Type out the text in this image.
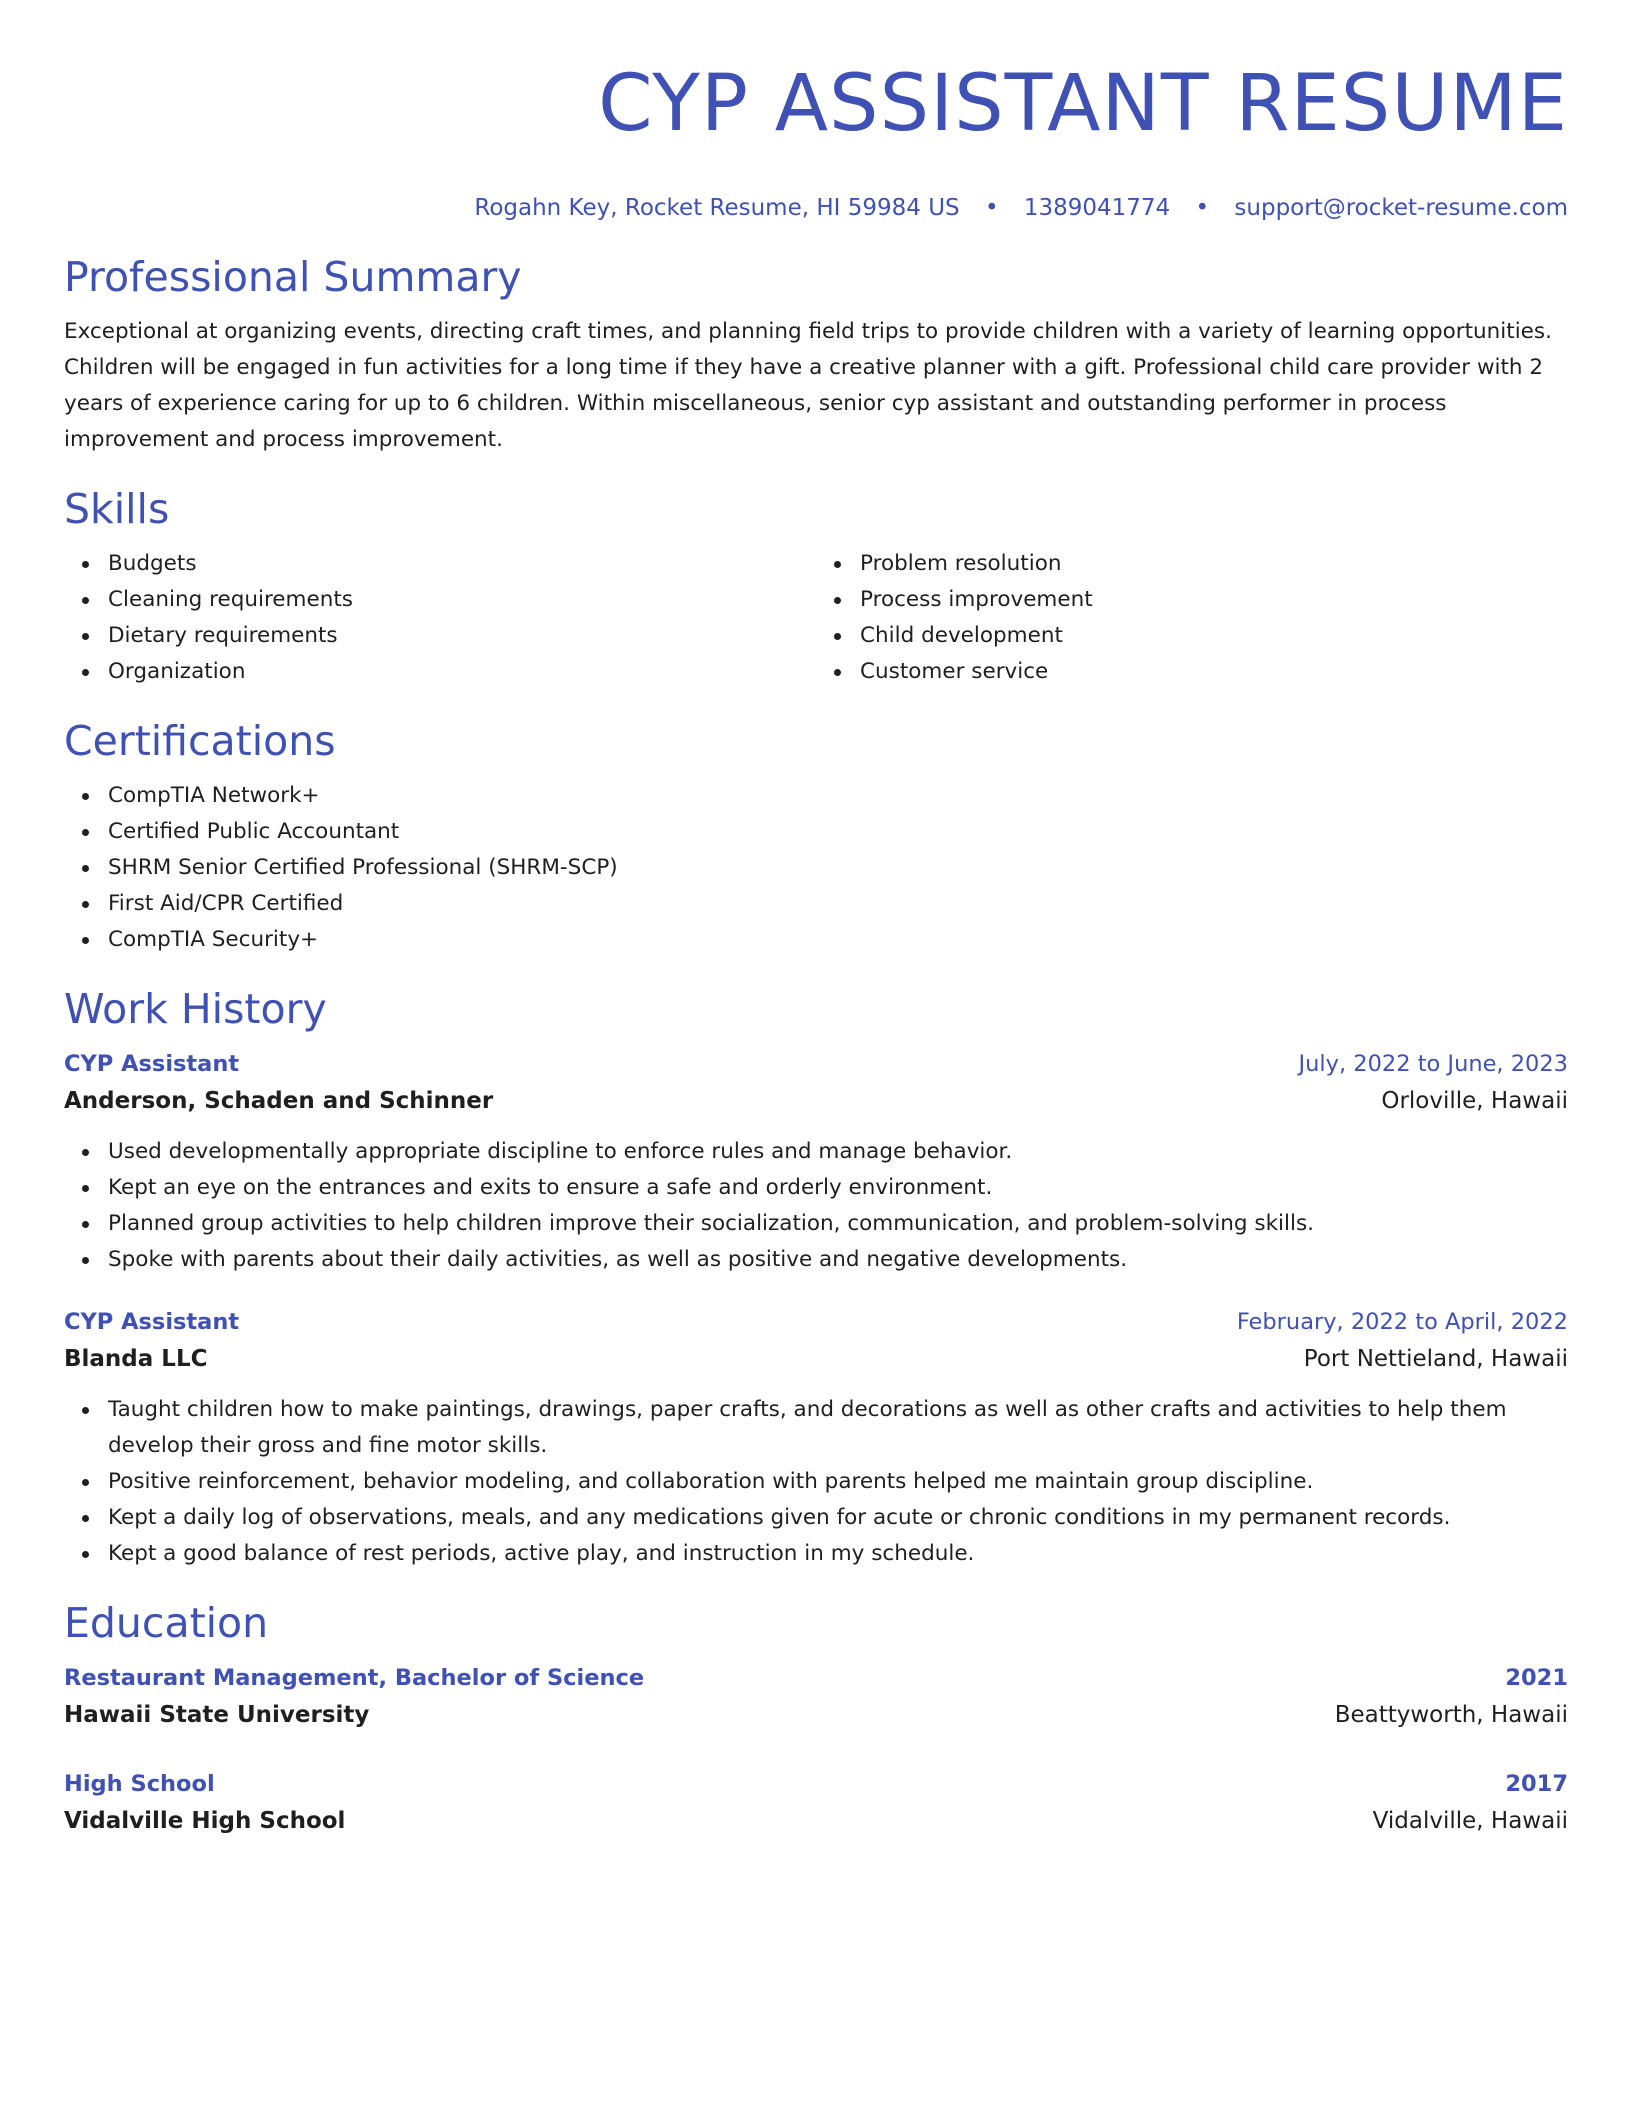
CYP ASSISTANT RESUME
Rogahn Key, Rocket Resume, HI 59984 US • 1389041774 • support@rocket-resume.com
Professional Summary

Exceptional at organizing events, directing craft times, and planning field trips to provide children with a variety of learning opportunities. Children will be engaged in fun activities for a long time if they have a creative planner with a gift. Professional child care provider with 2 years of experience caring for up to 6 children. Within miscellaneous, senior cyp assistant and outstanding performer in process improvement and process improvement.

Skills
Budgets
Cleaning requirements
Dietary requirements
Organization
Problem resolution
Process improvement
Child development
Customer service
Certifications
CompTIA Network+
Certified Public Accountant
SHRM Senior Certified Professional (SHRM-SCP)
First Aid/CPR Certified
CompTIA Security+
Work History
CYP Assistant	July, 2022 to June, 2023
Anderson, Schaden and Schinner	Orloville, Hawaii
Used developmentally appropriate discipline to enforce rules and manage behavior.
Kept an eye on the entrances and exits to ensure a safe and orderly environment.
Planned group activities to help children improve their socialization, communication, and problem-solving skills.
Spoke with parents about their daily activities, as well as positive and negative developments.
CYP Assistant	February, 2022 to April, 2022
Blanda LLC	Port Nettieland, Hawaii
Taught children how to make paintings, drawings, paper crafts, and decorations as well as other crafts and activities to help them develop their gross and fine motor skills.
Positive reinforcement, behavior modeling, and collaboration with parents helped me maintain group discipline.
Kept a daily log of observations, meals, and any medications given for acute or chronic conditions in my permanent records.
Kept a good balance of rest periods, active play, and instruction in my schedule.
Education
Restaurant Management, Bachelor of Science	2021
Hawaii State University	Beattyworth, Hawaii
High School	2017
Vidalville High School	Vidalville, Hawaii
